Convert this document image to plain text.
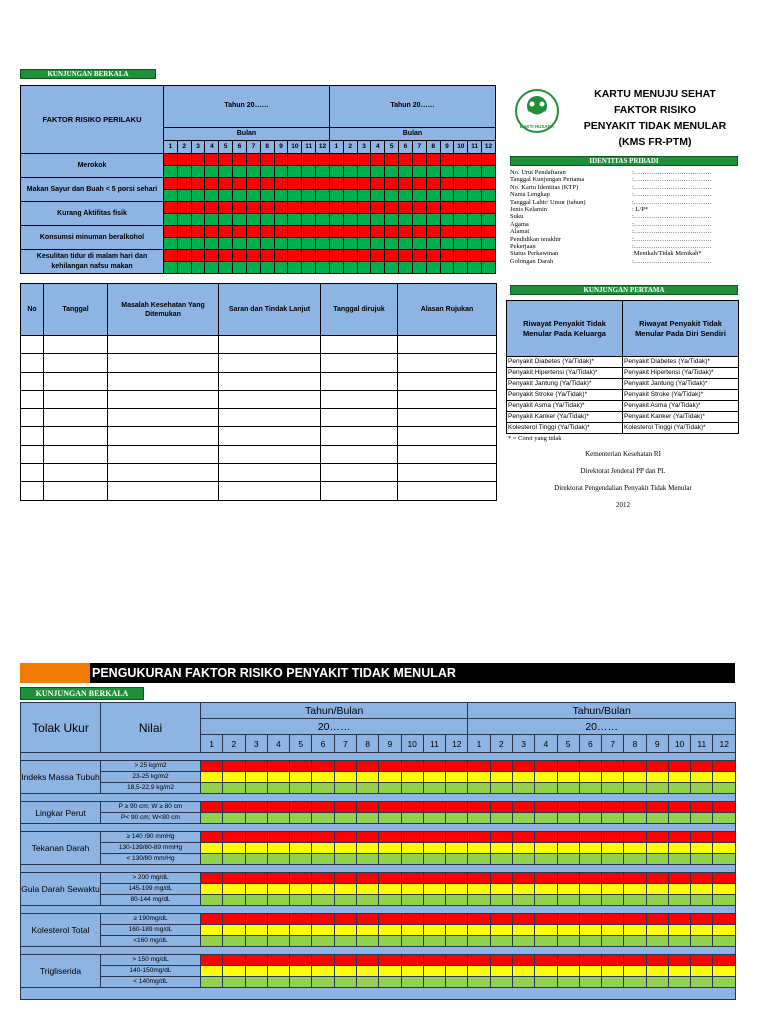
KUNJUNGAN BERKALA
FAKTOR RISIKO PERILAKU	Tahun 20……												Tahun 20……											
	Bulan												Bulan											
	1	2	3	4	5	6	7	8	9	10	11	12	1	2	3	4	5	6	7	8	9	10	11	12
Merokok																								

Makan Sayur dan Buah < 5 porsi sehari																								

Kurang Aktifitas fisik																								

Konsumsi minuman beralkohol																								

Kesulitan tidur di malam hari dan kehilangan nafsu makan																								

No	Tanggal	Masalah Kesehatan Yang Ditemukan	Saran dan Tindak Lanjut	Tanggal dirujuk	Alasan Rujukan

BAKTI HUSADA
KARTU MENUJU SEHAT
FAKTOR RISIKO
PENYAKIT TIDAK MENULAR
(KMS FR-PTM)
IDENTITAS PRIBADI
No. Urut Pendaftaran	:………………………………
Tanggal Kunjungan Pertama	:………………………………
No. Kartu Identitas (KTP)	:………………………………
Nama Lengkap	:………………………………
Tanggal Lahir/ Umur (tahun)	:………………………………
Jenis Kelamin	: L/P*
Suku	:………………………………
Agama	:………………………………
Alamat	:………………………………
Pendidikan terakhir	:………………………………
Pekerjaan	:………………………………
Status Perkawinan	:Menikah/Tidak Menikah*
Golongan Darah	:………………………………
KUNJUNGAN PERTAMA
Riwayat Penyakit Tidak Menular Pada Keluarga	Riwayat Penyakit Tidak Menular Pada Diri Sendiri
Penyakit Diabetes (Ya/Tidak)*	Penyakit Diabetes (Ya/Tidak)*
Penyakit Hipertensi (Ya/Tidak)*	Penyakit Hipertensi (Ya/Tidak)*
Penyakit Jantung (Ya/Tidak)*	Penyakit Jantung (Ya/Tidak)*
Penyakit Stroke (Ya/Tidak)*	Penyakit Stroke (Ya/Tidak)*
Penyakit Asma (Ya/Tidak)*	Penyakit Asma (Ya/Tidak)*
Penyakit Kanker (Ya/Tidak)*	Penyakit Kanker (Ya/Tidak)*
Kolesterol Tinggi (Ya/Tidak)*	Kolesterol Tinggi (Ya/Tidak)*
* = Coret yang tidak
Kementerian Kesehatan RI
Direktorat Jenderal PP dan PL
Direktorat Pengendalian Penyakit Tidak Menular
2012
PENGUKURAN FAKTOR RISIKO PENYAKIT TIDAK MENULAR
KUNJUNGAN BERKALA
Tolak Ukur	Nilai	Tahun/Bulan												Tahun/Bulan											
		20……												20……											
		1	2	3	4	5	6	7	8	9	10	11	12	1	2	3	4	5	6	7	8	9	10	11	12

Indeks Massa Tubuh	> 25 kg/m2																								
	23-25 kg/m2																								
	18,5-22,9 kg/m2																								

Lingkar Perut	P ≥ 90 cm; W ≥ 80 cm																								
	P< 90 cm; W<80 cm																								

Tekanan Darah	≥ 140 /90 mmHg																								
	130-139/80-89 mmHg																								
	< 130/80 mm/Hg																								

Gula Darah Sewaktu	> 200 mg/dL																								
	145-199 mg/dL																								
	80-144 mg/dL																								

Kolesterol Total	≥ 190mg/dL																								
	160-189 mg/dL																								
	<160 mg/dL																								

Trigliserida	> 150 mg/dL																								
	140-150mg/dL																								
	< 140mg/dL																								
